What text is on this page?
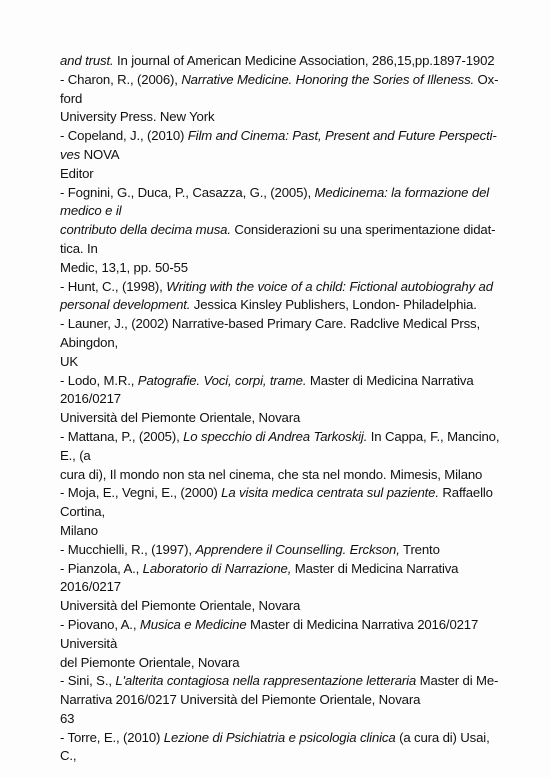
and trust. In journal of American Medicine Association, 286,15,pp.1897-1902
- Charon, R., (2006), Narrative Medicine. Honoring the Sories of Illeness. Ox-
ford
University Press. New York
- Copeland, J., (2010) Film and Cinema: Past, Present and Future Perspecti-
ves NOVA
Editor
- Fognini, G., Duca, P., Casazza, G., (2005), Medicinema: la formazione del
medico e il
contributo della decima musa. Considerazioni su una sperimentazione didat-
tica. In
Medic, 13,1, pp. 50-55
- Hunt, C., (1998), Writing with the voice of a child: Fictional autobiograhy ad
personal development. Jessica Kinsley Publishers, London- Philadelphia.
- Launer, J., (2002) Narrative-based Primary Care. Radclive Medical Prss,
Abingdon,
UK
- Lodo, M.R., Patografie. Voci, corpi, trame. Master di Medicina Narrativa
2016/0217
Università del Piemonte Orientale, Novara
- Mattana, P., (2005), Lo specchio di Andrea Tarkoskij. In Cappa, F., Mancino,
E., (a
cura di), Il mondo non sta nel cinema, che sta nel mondo. Mimesis, Milano
- Moja, E., Vegni, E., (2000) La visita medica centrata sul paziente. Raffaello
Cortina,
Milano
- Mucchielli, R., (1997), Apprendere il Counselling. Erckson, Trento
- Pianzola, A., Laboratorio di Narrazione, Master di Medicina Narrativa
2016/0217
Università del Piemonte Orientale, Novara
- Piovano, A., Musica e Medicine Master di Medicina Narrativa 2016/0217
Università
del Piemonte Orientale, Novara
- Sini, S., L'alterita contagiosa nella rappresentazione letteraria Master di Me-
Narrativa 2016/0217 Università del Piemonte Orientale, Novara
63
- Torre, E., (2010) Lezione di Psichiatria e psicologia clinica (a cura di) Usai,
C.,
